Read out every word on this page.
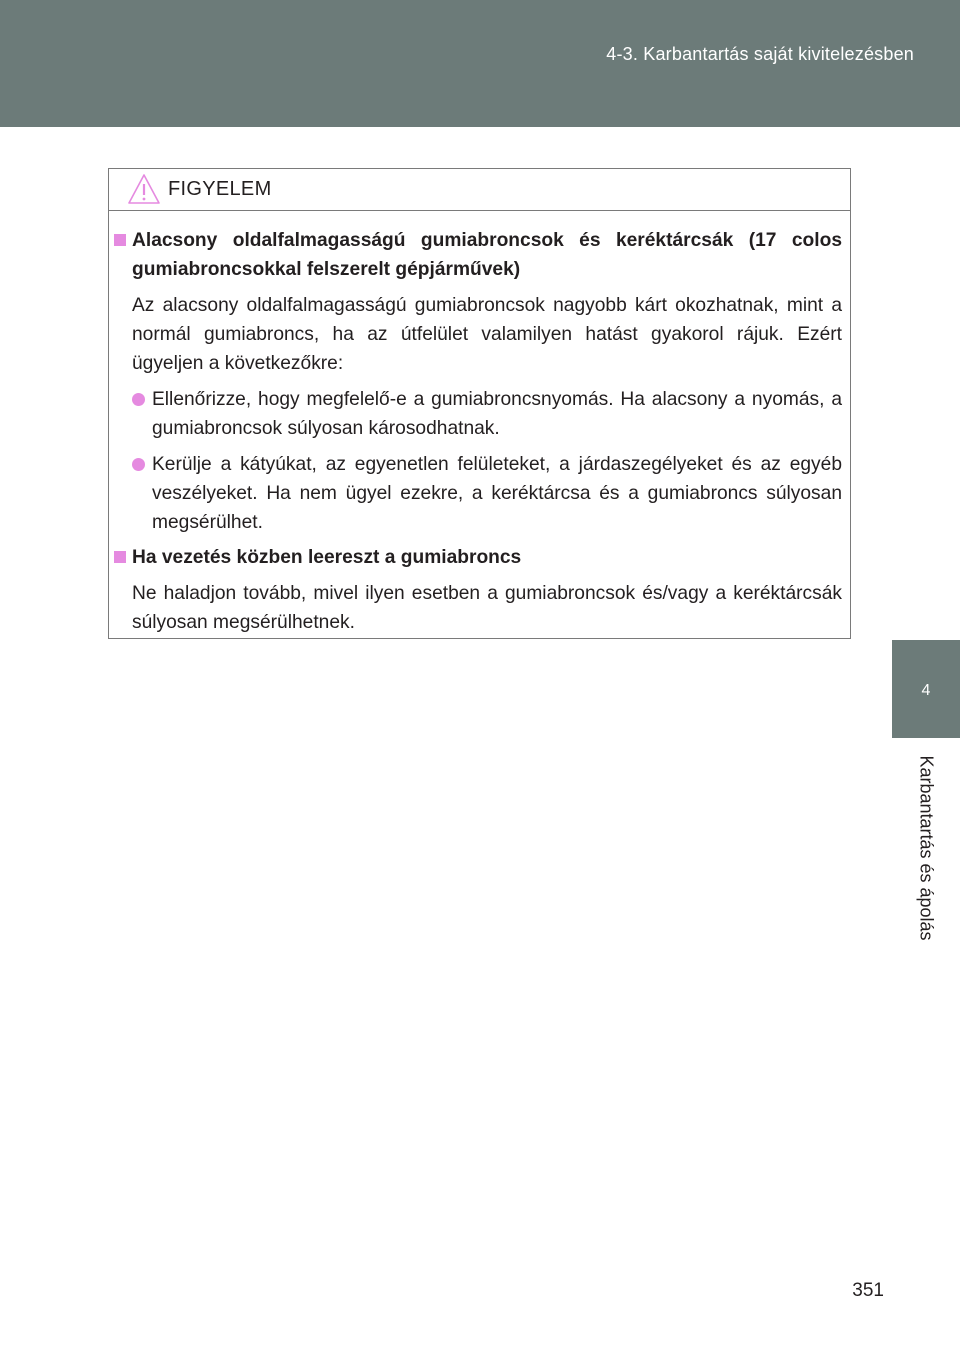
4-3. Karbantartás saját kivitelezésben
4
Karbantartás és ápolás
FIGYELEM

Alacsony oldalfalmagasságú gumiabroncsok és keréktárcsák (17 colos gumiabroncsokkal felszerelt gépjárművek)

Az alacsony oldalfalmagasságú gumiabroncsok nagyobb kárt okozhatnak, mint a normál gumiabroncs, ha az útfelület valamilyen hatást gyakorol rájuk. Ezért ügyeljen a következőkre:

Ellenőrizze, hogy megfelelő-e a gumiabroncsnyomás. Ha alacsony a nyomás, a gumiabroncsok súlyosan károsodhatnak.

Kerülje a kátyúkat, az egyenetlen felületeket, a járdaszegélyeket és az egyéb veszélyeket. Ha nem ügyel ezekre, a keréktárcsa és a gumiabroncs súlyosan megsérülhet.

Ha vezetés közben leereszt a gumiabroncs

Ne haladjon tovább, mivel ilyen esetben a gumiabroncsok és/vagy a keréktárcsák súlyosan megsérülhetnek.

351
